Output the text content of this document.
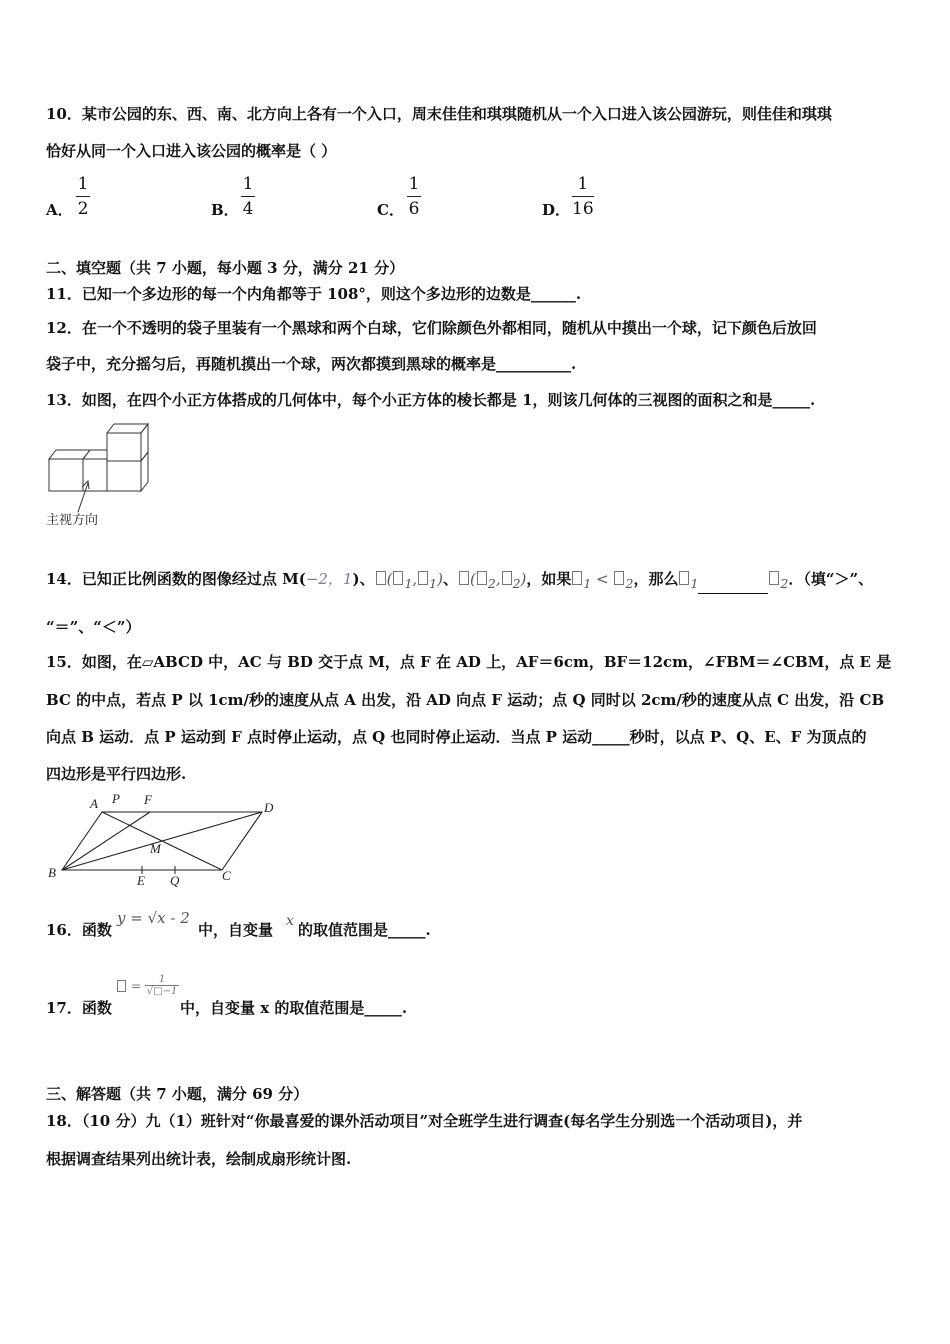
10．某市公园的东、西、南、北方向上各有一个入口，周末佳佳和琪琪随机从一个入口进入该公园游玩，则佳佳和琪琪
恰好从同一个入口进入该公园的概率是（ ）
A．
1
2	B．
1
4	C．
1
6	D．
1
16
二、填空题（共 7 小题，每小题 3 分，满分 21 分）
11．已知一个多边形的每一个内角都等于 108°，则这个多边形的边数是______.
12．在一个不透明的袋子里装有一个黑球和两个白球，它们除颜色外都相同，随机从中摸出一个球，记下颜色后放回
袋子中，充分摇匀后，再随机摸出一个球，两次都摸到黑球的概率是__________.
13．如图，在四个小正方体搭成的几何体中，每个小正方体的棱长都是 1，则该几何体的三视图的面积之和是_____.
主视方向
14．已知正比例函数的图像经过点 M(−2，1)、 ( $_1$, $_1$)、 ( $_2$, $_2$)，如果 $_1$ < $_2$，那么 $_1$	$_2$．（填“＞”、
“＝”、“＜”）
15．如图，在▱ABCD 中，AC 与 BD 交于点 M，点 F 在 AD 上，AF＝6cm，BF＝12cm，∠FBM＝∠CBM，点 E 是
BC 的中点，若点 P 以 1cm/秒的速度从点 A 出发，沿 AD 向点 F 运动；点 Q 同时以 2cm/秒的速度从点 C 出发，沿 CB
向点 B 运动．点 P 运动到 F 点时停止运动，点 Q 也同时停止运动．当点 P 运动_____秒时，以点 P、Q、E、F 为顶点的
四边形是平行四边形.
A P F
D
M
B
E Q	C
16．函数
y = √x - 2
中，自变量 x 的取值范围是_____.
17．函数
= 1
√□−1
中，自变量 x 的取值范围是_____.
三、解答题（共 7 小题，满分 69 分）
18．（10 分）九（1）班针对“你最喜爱的课外活动项目”对全班学生进行调查(每名学生分别选一个活动项目)，并
根据调查结果列出统计表，绘制成扇形统计图.
